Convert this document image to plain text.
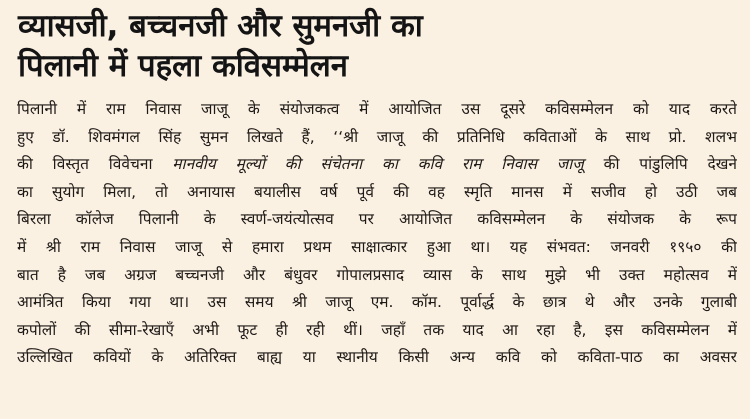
व्यासजी, बच्चनजी और सुमनजी का
पिलानी में पहला कविसम्मेलन
पिलानी में राम निवास जाजू के संयोजकत्व में आयोजित उस दूसरे कविसम्मेलन को याद करते
हुए डॉ. शिवमंगल सिंह सुमन लिखते हैं, ‘‘श्री जाजू की प्रतिनिधि कविताओं के साथ प्रो. शलभ
की विस्तृत विवेचना मानवीय मूल्यों की संचेतना का कवि राम निवास जाजू की पांडुलिपि देखने
का सुयोग मिला, तो अनायास बयालीस वर्ष पूर्व की वह स्मृति मानस में सजीव हो उठी जब
बिरला कॉलेज पिलानी के स्वर्ण-जयंत्योत्सव पर आयोजित कविसम्मेलन के संयोजक के रूप
में श्री राम निवास जाजू से हमारा प्रथम साक्षात्कार हुआ था। यह संभवत: जनवरी १९५० की
बात है जब अग्रज बच्चनजी और बंधुवर गोपालप्रसाद व्यास के साथ मुझे भी उक्त महोत्सव में
आमंत्रित किया गया था। उस समय श्री जाजू एम. कॉम. पूर्वार्द्ध के छात्र थे और उनके गुलाबी
कपोलों की सीमा-रेखाएँ अभी फूट ही रही थीं। जहाँ तक याद आ रहा है, इस कविसम्मेलन में
उल्लिखित कवियों के अतिरिक्त बाह्य या स्थानीय किसी अन्य कवि को कविता-पाठ का अवसर
